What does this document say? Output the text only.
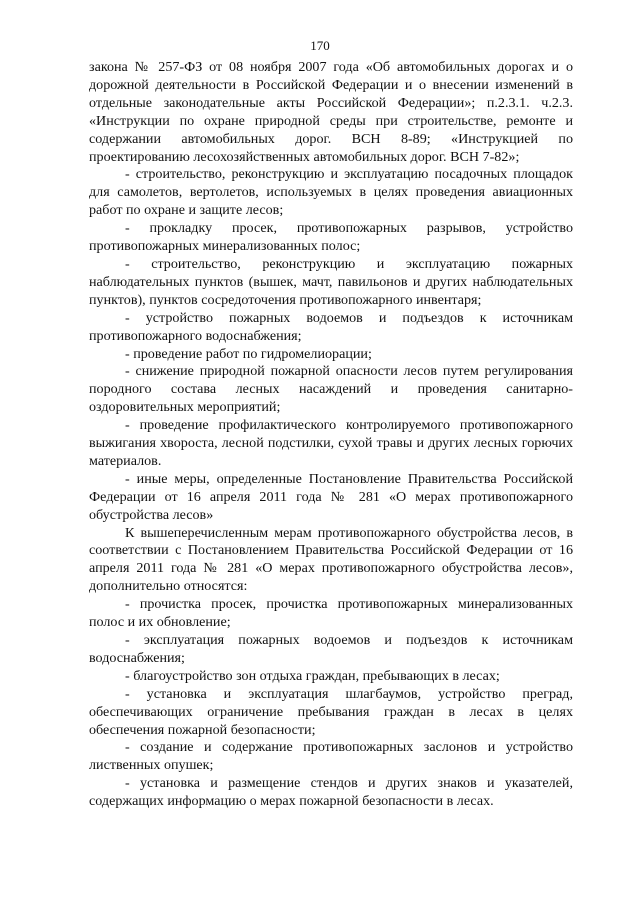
170

закона № 257-ФЗ от 08 ноября 2007 года «Об автомобильных дорогах и о дорожной деятельности в Российской Федерации и о внесении изменений в отдельные законодательные акты Российской Федерации»; п.2.3.1. ч.2.3. «Инструкции по охране природной среды при строительстве, ремонте и содержании автомобильных дорог. ВСН 8-89; «Инструкцией по проектированию лесохозяйственных автомобильных дорог. ВСН 7-82»;

- строительство, реконструкцию и эксплуатацию посадочных площадок для самолетов, вертолетов, используемых в целях проведения авиационных работ по охране и защите лесов;

- прокладку просек, противопожарных разрывов, устройство противопожарных минерализованных полос;

- строительство, реконструкцию и эксплуатацию пожарных наблюдательных пунктов (вышек, мачт, павильонов и других наблюдательных пунктов), пунктов сосредоточения противопожарного инвентаря;

- устройство пожарных водоемов и подъездов к источникам противопожарного водоснабжения;

- проведение работ по гидромелиорации;

- снижение природной пожарной опасности лесов путем регулирования породного состава лесных насаждений и проведения санитарно-оздоровительных мероприятий;

- проведение профилактического контролируемого противопожарного выжигания хвороста, лесной подстилки, сухой травы и других лесных горючих материалов.

- иные меры, определенные Постановление Правительства Российской Федерации от 16 апреля 2011 года № 281 «О мерах противопожарного обустройства лесов»

К вышеперечисленным мерам противопожарного обустройства лесов, в соответствии с Постановлением Правительства Российской Федерации от 16 апреля 2011 года № 281 «О мерах противопожарного обустройства лесов», дополнительно относятся:

- прочистка просек, прочистка противопожарных минерализованных полос и их обновление;

- эксплуатация пожарных водоемов и подъездов к источникам водоснабжения;

- благоустройство зон отдыха граждан, пребывающих в лесах;

- установка и эксплуатация шлагбаумов, устройство преград, обеспечивающих ограничение пребывания граждан в лесах в целях обеспечения пожарной безопасности;

- создание и содержание противопожарных заслонов и устройство лиственных опушек;

- установка и размещение стендов и других знаков и указателей, содержащих информацию о мерах пожарной безопасности в лесах.
